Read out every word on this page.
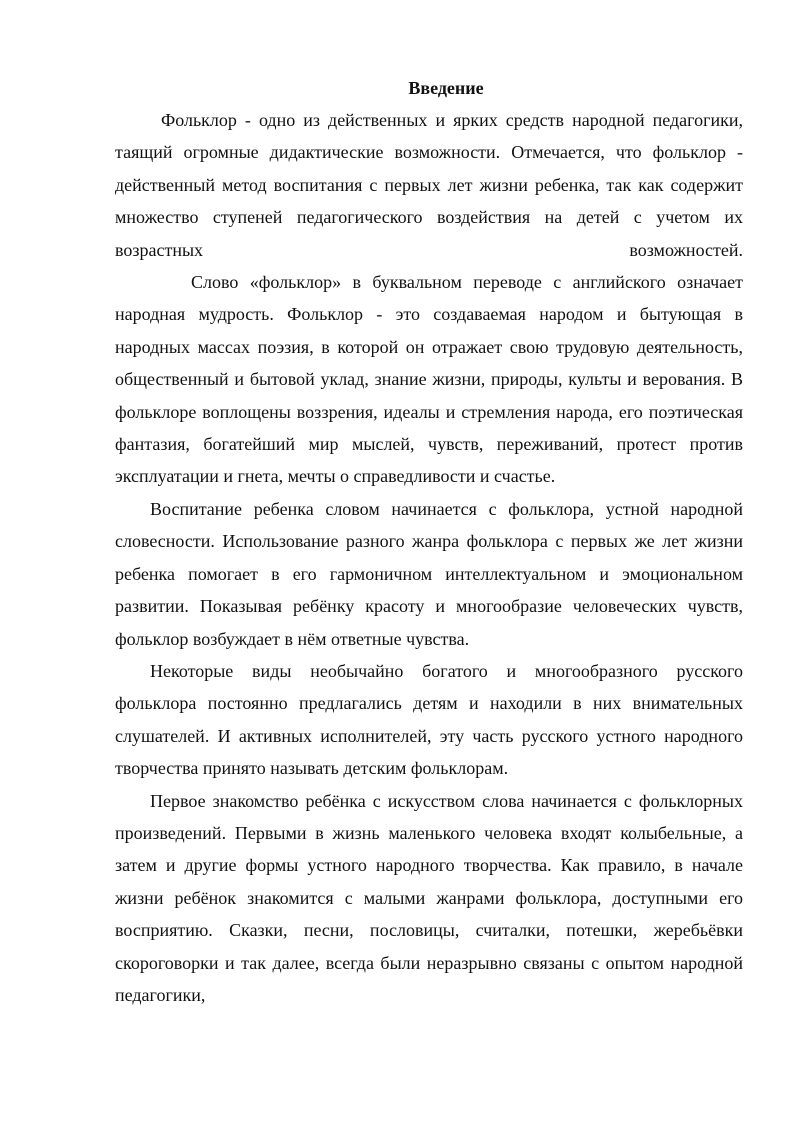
Введение

Фольклор - одно из действенных и ярких средств народной педагогики, таящий огромные дидактические возможности. Отмечается, что фольклор - действенный метод воспитания с первых лет жизни ребенка, так как содержит множество ступеней педагогического воздействия на детей с учетом их возрастных возможностей.

Слово «фольклор» в буквальном переводе с английского означает народная мудрость. Фольклор - это создаваемая народом и бытующая в народных массах поэзия, в которой он отражает свою трудовую деятельность, общественный и бытовой уклад, знание жизни, природы, культы и верования. В фольклоре воплощены воззрения, идеалы и стремления народа, его поэтическая фантазия, богатейший мир мыслей, чувств, переживаний, протест против эксплуатации и гнета, мечты о справедливости и счастье.

Воспитание ребенка словом начинается с фольклора, устной народной словесности. Использование разного жанра фольклора с первых же лет жизни ребенка помогает в его гармоничном интеллектуальном и эмоциональном развитии. Показывая ребёнку красоту и многообразие человеческих чувств, фольклор возбуждает в нём ответные чувства.

Некоторые виды необычайно богатого и многообразного русского фольклора постоянно предлагались детям и находили в них внимательных слушателей. И активных исполнителей, эту часть русского устного народного творчества принято называть детским фольклорам.

Первое знакомство ребёнка с искусством слова начинается с фольклорных произведений. Первыми в жизнь маленького человека входят колыбельные, а затем и другие формы устного народного творчества. Как правило, в начале жизни ребёнок знакомится с малыми жанрами фольклора, доступными его восприятию. Сказки, песни, пословицы, считалки, потешки, жеребьёвки скороговорки и так далее, всегда были неразрывно связаны с опытом народной педагогики,
